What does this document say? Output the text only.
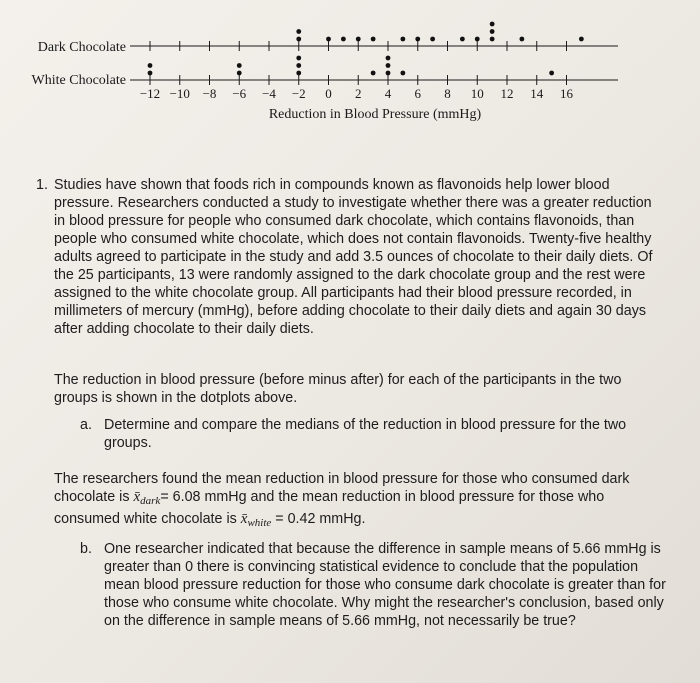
Dark Chocolate
White Chocolate
−12 −10 −8 −6 −4 −2 0 2 4 6 8 10 12 14 16
Reduction in Blood Pressure (mmHg)
1. Studies have shown that foods rich in compounds known as flavonoids help lower blood pressure. Researchers conducted a study to investigate whether there was a greater reduction in blood pressure for people who consumed dark chocolate, which contains flavonoids, than people who consumed white chocolate, which does not contain flavonoids. Twenty-five healthy adults agreed to participate in the study and add 3.5 ounces of chocolate to their daily diets. Of the 25 participants, 13 were randomly assigned to the dark chocolate group and the rest were assigned to the white chocolate group. All participants had their blood pressure recorded, in millimeters of mercury (mmHg), before adding chocolate to their daily diets and again 30 days after adding chocolate to their daily diets.
The reduction in blood pressure (before minus after) for each of the participants in the two groups is shown in the dotplots above.
a. Determine and compare the medians of the reduction in blood pressure for the two groups.
The researchers found the mean reduction in blood pressure for those who consumed dark chocolate is $x̄_{dark}= 6.08$ mmHg and the mean reduction in blood pressure for those who consumed white chocolate is $x̄_{white} = 0.42$ mmHg.
b. One researcher indicated that because the difference in sample means of 5.66 mmHg is greater than 0 there is convincing statistical evidence to conclude that the population mean blood pressure reduction for those who consume dark chocolate is greater than for those who consume white chocolate. Why might the researcher's conclusion, based only on the difference in sample means of 5.66 mmHg, not necessarily be true?
